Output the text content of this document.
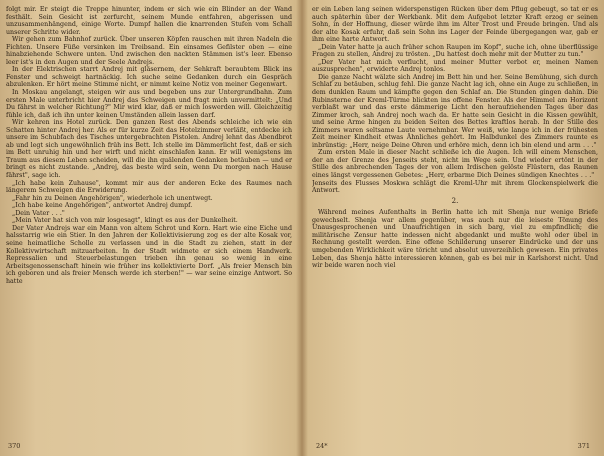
folgt mir. Er steigt die Treppe hinunter, indem er sich wie ein Blinder an der Wand festhält. Sein Gesicht ist zerfurcht, seinem Munde entfahren, abgerissen und unzusammenhängend, einige Worte. Dumpf hallen die knarrenden Stufen vom Schall unserer Schritte wider.

Wir gehen zum Bahnhof zurück. Über unseren Köpfen rauschen mit ihren Nadeln die Fichten. Unsere Füße versinken im Treibsand. Ein einsames Gefilster oben — eine hinabziehende Schwere unten. Und zwischen den nackten Stämmen ist's leer. Ebenso leer ist's in den Augen und der Seele Andrejs.

In der Elektrischen starrt Andrej mit gläsernem, der Sehkraft beraubtem Blick ins Fenster und schweigt hartnäckig. Ich suche seine Gedanken durch ein Gespräch abzulenken. Er hört meine Stimme nicht, er nimmt keine Notiz von meiner Gegenwart.

In Moskau angelangt, steigen wir aus und begeben uns zur Untergrundbahn. Zum ersten Male unterbricht hier Andrej das Schweigen und fragt mich unvermittelt: „Und Du fährst in welcher Richtung?" Mir wird klar, daß er mich loswerden will. Gleichzeitig fühle ich, daß ich ihn unter keinen Umständen allein lassen darf.

Wir kehren ins Hotel zurück. Den ganzen Rest des Abends schleiche ich wie ein Schatten hinter Andrej her. Als er für kurze Zeit das Hotelzimmer verläßt, entdecke ich unsere im Schubfach des Tisches untergebrachten Pistolen. Andrej lehnt das Abendbrot ab und legt sich ungewöhnlich früh ins Bett. Ich stelle im Dämmerlicht fest, daß er sich im Bett unruhig hin und her wirft und nicht einschlafen kann. Er will wenigstens im Traum aus diesem Leben scheiden, will die ihn quälenden Gedanken betäuben — und er bringt es nicht zustande. „Andrej, das beste wird sein, wenn Du morgen nach Hause fährst", sage ich.

„Ich habe kein Zuhause", kommt mir aus der anderen Ecke des Raumes nach längerem Schweigen die Erwiderung.

„Fahr hin zu Deinen Angehörigen", wiederhole ich unentwegt.

„Ich habe keine Angehörigen", antwortet Andrej dumpf.

„Dein Vater . . ."

„Mein Vater hat sich von mir losgesagt", klingt es aus der Dunkelheit.

Der Vater Andrejs war ein Mann von altem Schrot und Korn. Hart wie eine Eiche und halsstarrig wie ein Stier. In den Jahren der Kollektivisierung zog es der alte Kosak vor, seine heimatliche Scholle zu verlassen und in die Stadt zu ziehen, statt in der Kollektivwirtschaft mitzuarbeiten. In der Stadt widmete er sich einem Handwerk. Repressalien und Steuerbelastungen trieben ihn genau so wenig in eine Arbeitsgenossenschaft hinein wie früher ins kollektivierte Dorf. „Als freier Mensch bin ich geboren und als freier Mensch werde ich sterben!" — war seine einzige Antwort. So hatte

370

er ein Leben lang seinen widerspenstigen Rücken über dem Pflug gebeugt, so tat er es auch späterhin über der Werkbank. Mit dem Aufgebot letzter Kraft erzog er seinen Sohn, in der Hoffnung, dieser würde ihm im Alter Trost und Freude bringen. Und als der alte Kosak erfuhr, daß sein Sohn ins Lager der Feinde übergegangen war, gab er ihm eine harte Antwort.

„Dein Vater hatte ja auch früher schon Raupen im Kopf", suche ich, ohne überflüssige Fragen zu stellen, Andrej zu trösten. „Du hattest doch mehr mit der Mutter zu tun."

„Der Vater hat mich verflucht, und meiner Mutter verbot er, meinen Namen auszusprechen", erwiderte Andrej tonlos.

Die ganze Nacht wälzte sich Andrej im Bett hin und her. Seine Bemühung, sich durch Schlaf zu betäuben, schlug fehl. Die ganze Nacht lag ich, ohne ein Auge zu schließen, in dem dunklen Raum und kämpfte gegen den Schlaf an. Die Stunden gingen dahin. Die Rubinsterne der Kreml-Türme blickten ins offene Fenster. Als der Himmel am Horizont verblaßt war und das erste dämmerige Licht den heraufziehenden Tages über das Zimmer kroch, sah Andrej noch wach da. Er hatte sein Gesicht in die Kissen gewühlt, und seine Arme hingen zu beiden Seiten des Bettes kraftlos herab. In der Stille des Zimmers waren seltsame Laute vernehmbar. Wer weiß, wie lange ich in der frühesten Zeit meiner Kindheit etwas Ähnliches gehört. Im Halbdunkel des Zimmers raunte es inbrünstig: „Herr, neige Deine Ohren und erhöre mich, denn ich bin elend und arm . . ."

Zum ersten Male in dieser Nacht schließe ich die Augen. Ich will einem Menschen, der an der Grenze des Jenseits steht, nicht im Wege sein. Und wieder ertönt in der Stille des anbrechenden Tages der von allem Irdischen gelöste Flüstern, das Raunen eines längst vergessenen Gebetes: „Herr, erbarme Dich Deines sündigen Knechtes . . ."

Jenseits des Flusses Moskwa schlägt die Kreml-Uhr mit ihrem Glockenspielwerk die Antwort.

2.

Während meines Aufenthalts in Berlin hatte ich mit Shenja nur wenige Briefe gewechselt. Shenja war allem gegenüber, was auch nur die leiseste Tönung des Unausgesprochenen und Unaufrichtigen in sich barg, viel zu empfindlich; die militärische Zensur hatte indessen nicht abgedankt und mußte wohl oder übel in Rechnung gestellt werden. Eine offene Schilderung unserer Eindrücke und der uns umgebenden Wirklichkeit wäre töricht und absolut unverzeihlich gewesen. Ein privates Leben, das Shenja hätte interessieren können, gab es bei mir in Karlshorst nicht. Und wir beide waren noch viel

24*	371
